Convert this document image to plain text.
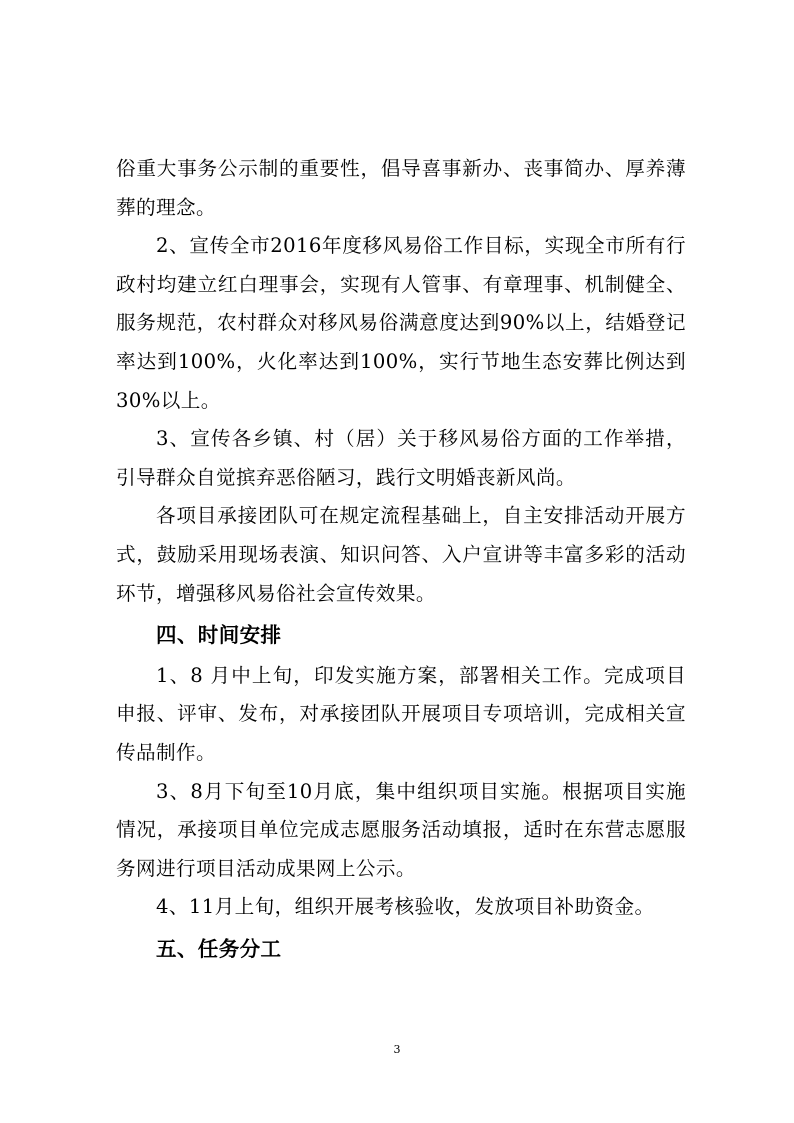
俗重大事务公示制的重要性，倡导喜事新办、丧事简办、厚养薄葬的理念。

2、宣传全市2016年度移风易俗工作目标，实现全市所有行政村均建立红白理事会，实现有人管事、有章理事、机制健全、服务规范，农村群众对移风易俗满意度达到90%以上，结婚登记率达到100%，火化率达到100%，实行节地生态安葬比例达到30%以上。

3、宣传各乡镇、村（居）关于移风易俗方面的工作举措，引导群众自觉摈弃恶俗陋习，践行文明婚丧新风尚。

各项目承接团队可在规定流程基础上，自主安排活动开展方式，鼓励采用现场表演、知识问答、入户宣讲等丰富多彩的活动环节，增强移风易俗社会宣传效果。

四、时间安排

1、8 月中上旬，印发实施方案，部署相关工作。完成项目申报、评审、发布，对承接团队开展项目专项培训，完成相关宣传品制作。

3、8月下旬至10月底，集中组织项目实施。根据项目实施情况，承接项目单位完成志愿服务活动填报，适时在东营志愿服务网进行项目活动成果网上公示。

4、11月上旬，组织开展考核验收，发放项目补助资金。

五、任务分工

3
